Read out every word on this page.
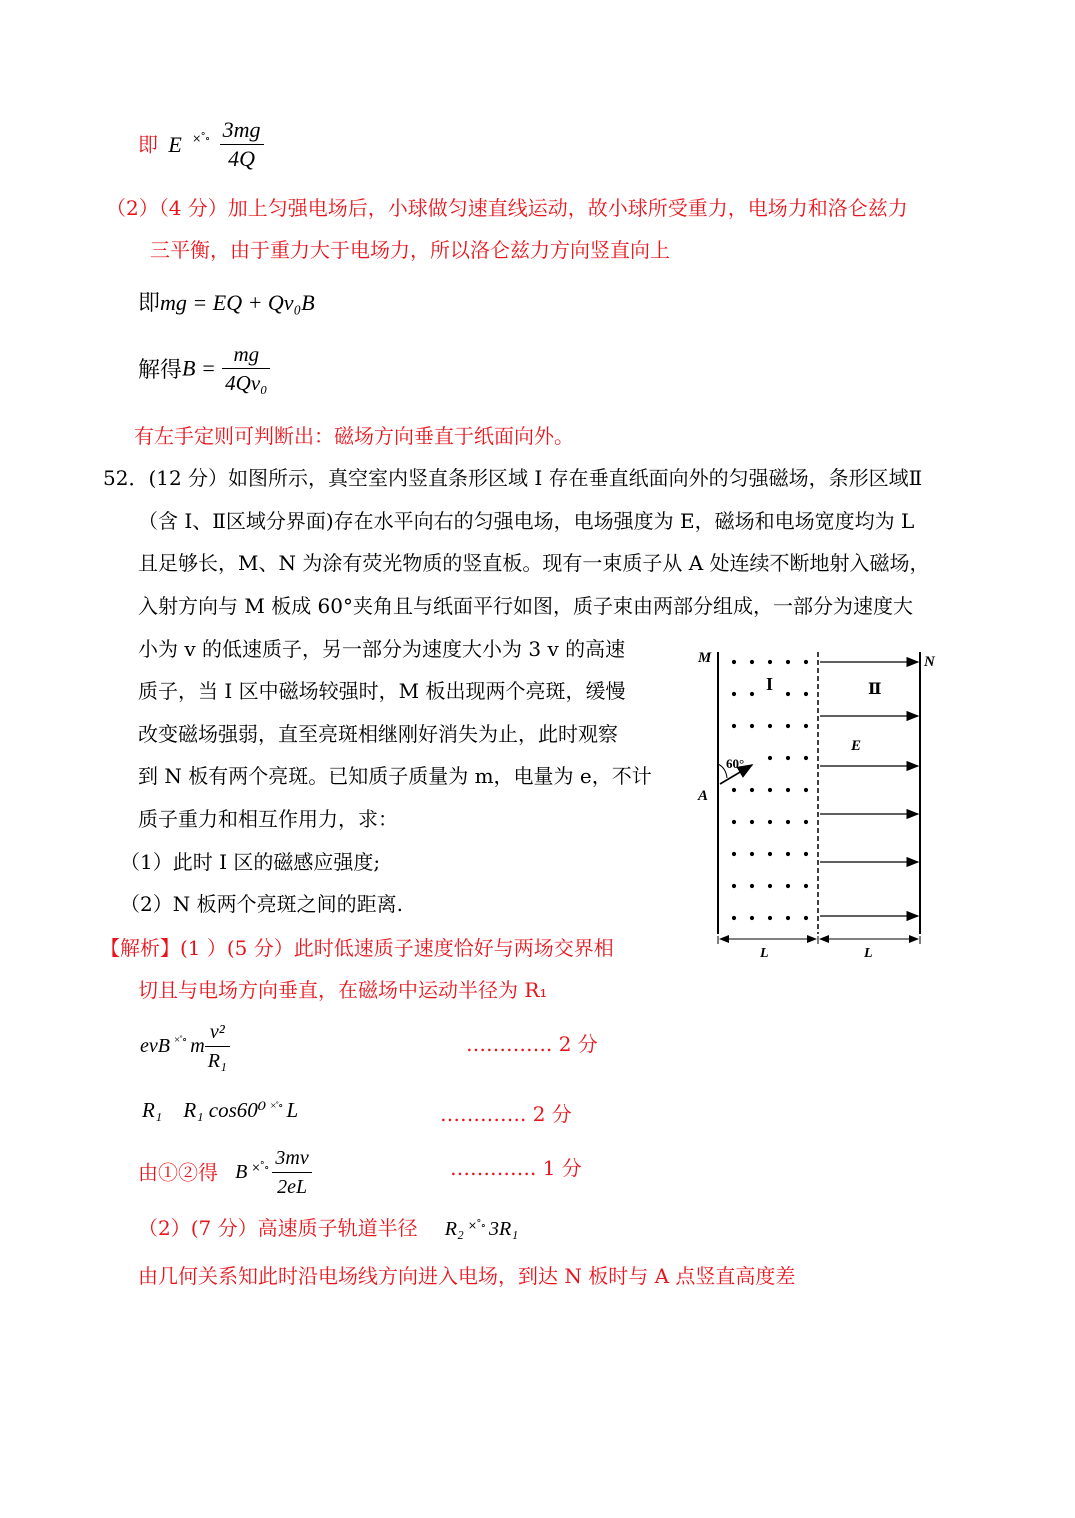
即 E $^{\times˚\circ} \frac{3mg}{4Q}$
（2）（4 分）加上匀强电场后，小球做匀速直线运动，故小球所受重力，电场力和洛仑兹力
三平衡，由于重力大于电场力，所以洛仑兹力方向竖直向上
即mg = EQ + Qv₀B
解得$B = \frac{mg}{\text{4Qv₀}}$
有左手定则可判断出：磁场方向垂直于纸面向外。
52．(12 分）如图所示，真空室内竖直条形区域 I 存在垂直纸面向外的匀强磁场，条形区域Ⅱ
（含 I、Ⅱ区域分界面)存在水平向右的匀强电场，电场强度为 E，磁场和电场宽度均为 L
且足够长，M、N 为涂有荧光物质的竖直板。现有一束质子从 A 处连续不断地射入磁场，
入射方向与 M 板成 60°夹角且与纸面平行如图，质子束由两部分组成，一部分为速度大
小为 v 的低速质子，另一部分为速度大小为 3 v 的高速
质子，当 I 区中磁场较强时，M 板出现两个亮斑，缓慢
改变磁场强弱，直至亮斑相继刚好消失为止，此时观察
到 N 板有两个亮斑。已知质子质量为 m，电量为 e，不计
质子重力和相互作用力，求：
（1）此时 I 区的磁感应强度;
（2）N 板两个亮斑之间的距离.
M	N
I	Ⅱ
E
A
60°
L	L
【解析】(1 ）(5 分）此时低速质子速度恰好与两场交界相
切且与电场方向垂直，在磁场中运动半径为 R₁
evB ×˚∘ m $\frac{\text{v²}}{\text{R₁}}$	…………. 2 分
R₁ R₁ cos60⁰ ×˚∘ L	…………. 2 分
由①②得 B $^{\times˚\circ} \frac{3mv}{2eL}$	…………. 1 分
（2）(7 分）高速质子轨道半径 R₂ ×˚∘ 3R₁
由几何关系知此时沿电场线方向进入电场，到达 N 板时与 A 点竖直高度差
